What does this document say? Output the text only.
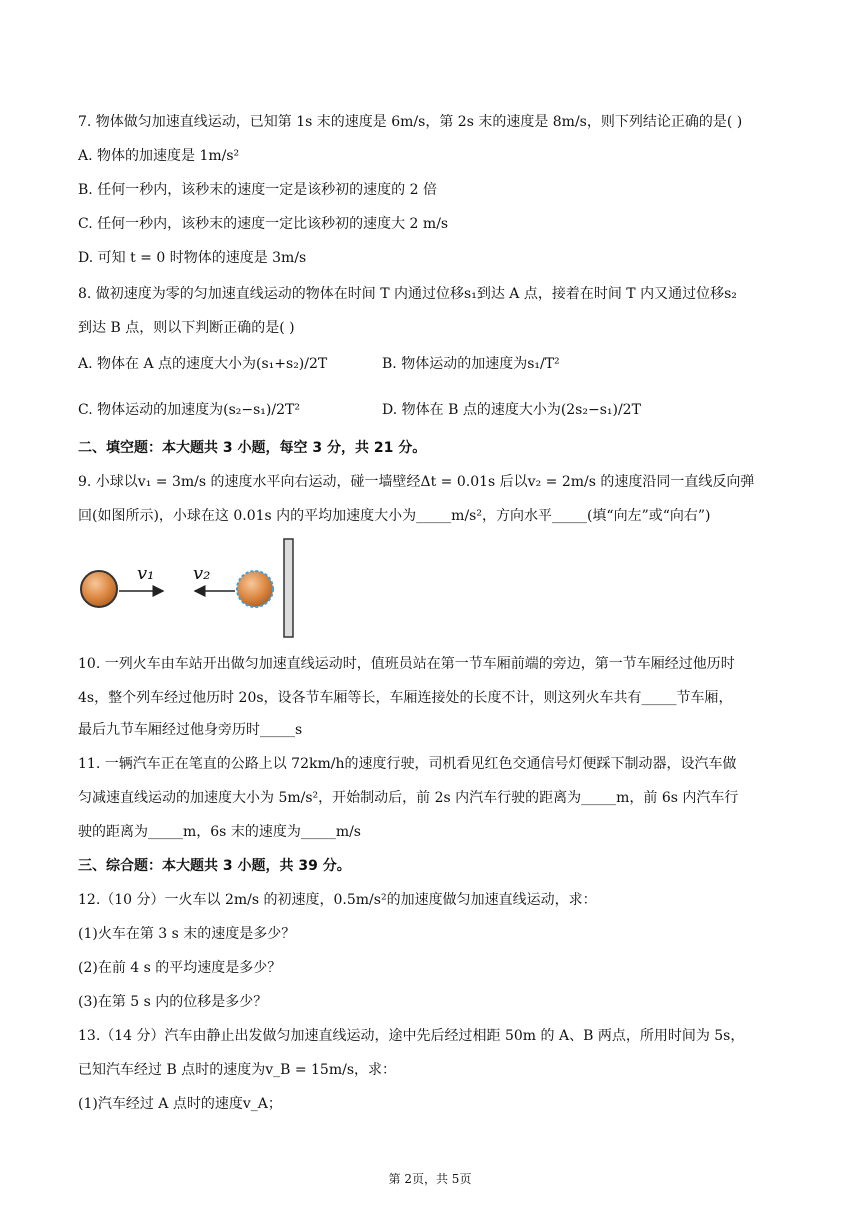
7. 物体做匀加速直线运动，已知第 1s 末的速度是 6m/s，第 2s 末的速度是 8m/s，则下列结论正确的是( )
A. 物体的加速度是 1m/s²
B. 任何一秒内，该秒末的速度一定是该秒初的速度的 2 倍
C. 任何一秒内，该秒末的速度一定比该秒初的速度大 2 m/s
D. 可知 t = 0 时物体的速度是 3m/s
8. 做初速度为零的匀加速直线运动的物体在时间 T 内通过位移s₁到达 A 点，接着在时间 T 内又通过位移s₂
到达 B 点，则以下判断正确的是( )
A. 物体在 A 点的速度大小为(s₁+s₂)/2T	B. 物体运动的加速度为s₁/T²
C. 物体运动的加速度为(s₂−s₁)/2T²	D. 物体在 B 点的速度大小为(2s₂−s₁)/2T
二、填空题：本大题共 3 小题，每空 3 分，共 21 分。
9. 小球以v₁ = 3m/s 的速度水平向右运动，碰一墙壁经Δt = 0.01s 后以v₂ = 2m/s 的速度沿同一直线反向弹
回(如图所示)，小球在这 0.01s 内的平均加速度大小为_____m/s²，方向水平_____(填“向左”或“向右”)
v₁ v₂
10. 一列火车由车站开出做匀加速直线运动时，值班员站在第一节车厢前端的旁边，第一节车厢经过他历时
4s，整个列车经过他历时 20s，设各节车厢等长，车厢连接处的长度不计，则这列火车共有_____节车厢，
最后九节车厢经过他身旁历时_____s
11. 一辆汽车正在笔直的公路上以 72km/h的速度行驶，司机看见红色交通信号灯便踩下制动器，设汽车做
匀减速直线运动的加速度大小为 5m/s²，开始制动后，前 2s 内汽车行驶的距离为_____m，前 6s 内汽车行
驶的距离为_____m，6s 末的速度为_____m/s
三、综合题：本大题共 3 小题，共 39 分。
12.（10 分）一火车以 2m/s 的初速度，0.5m/s²的加速度做匀加速直线运动，求：
(1)火车在第 3 s 末的速度是多少？
(2)在前 4 s 的平均速度是多少？
(3)在第 5 s 内的位移是多少？
13.（14 分）汽车由静止出发做匀加速直线运动，途中先后经过相距 50m 的 A、B 两点，所用时间为 5s，
已知汽车经过 B 点时的速度为v_B = 15m/s，求：
(1)汽车经过 A 点时的速度v_A；
第 2页，共 5页
